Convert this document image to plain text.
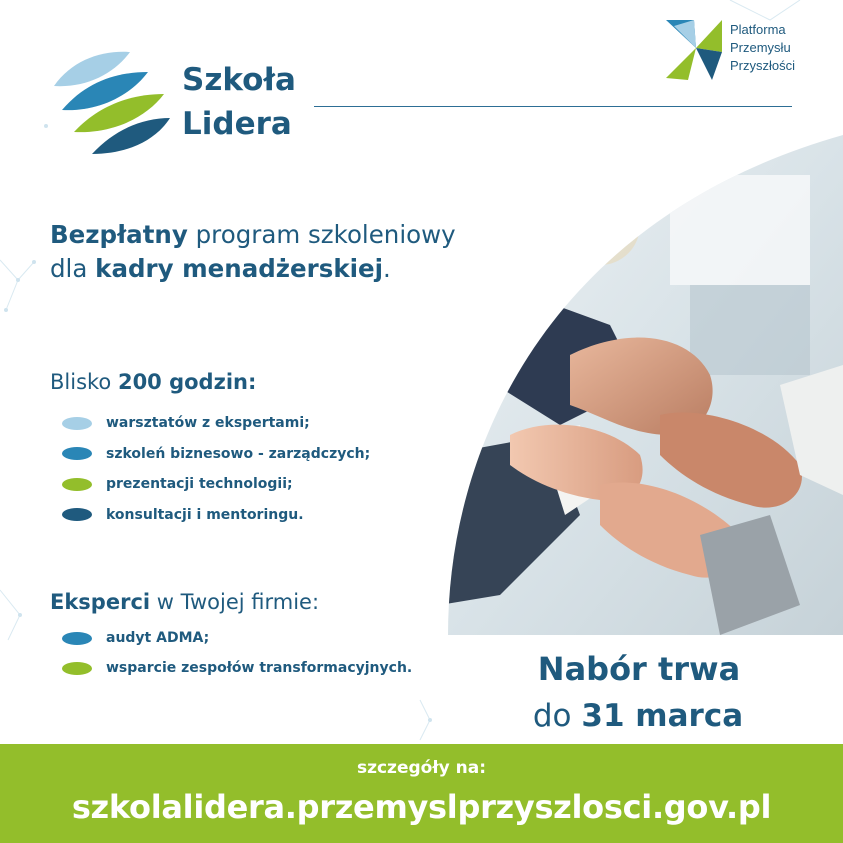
Platforma
Przemysłu
Przyszłości
Szkoła
Lidera
Bezpłatny program szkoleniowy
dla kadry menadżerskiej.
Blisko 200 godzin:
warsztatów z ekspertami;
szkoleń biznesowo - zarządczych;
prezentacji technologii;
konsultacji i mentoringu.
Eksperci w Twojej firmie:
audyt ADMA;
wsparcie zespołów transformacyjnych.	Nabór trwa
do 31 marca
szczegóły na:
szkolalidera.przemyslprzyszlosci.gov.pl
